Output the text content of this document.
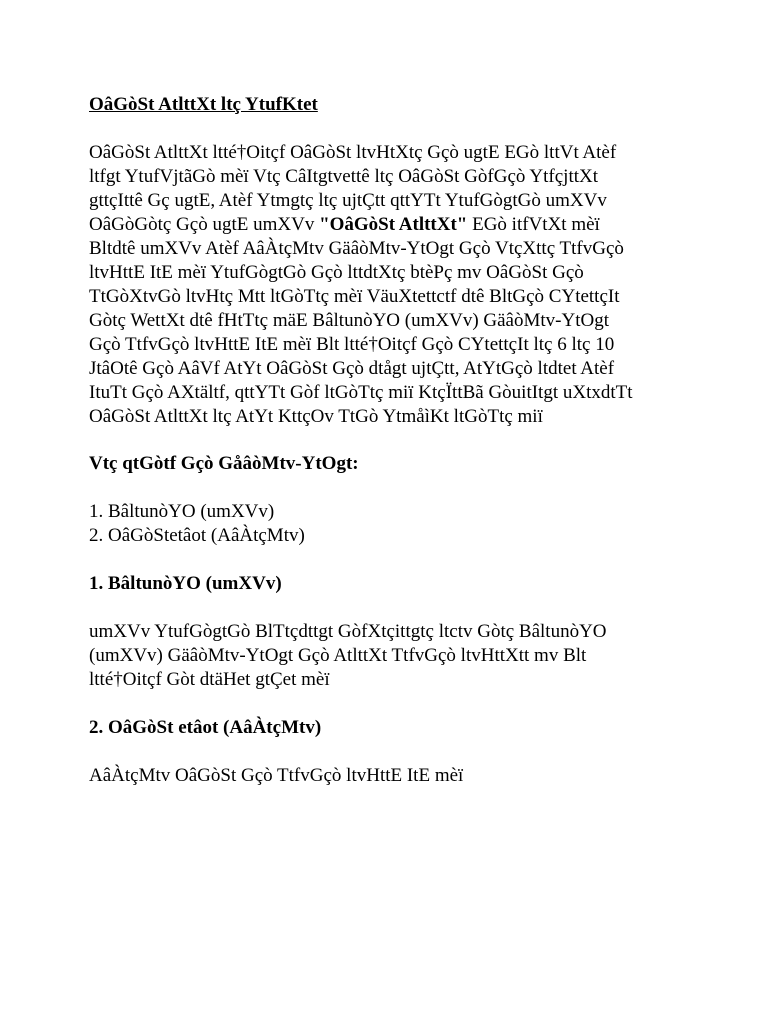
OâGòSt AtlttXt ltç YtufKtet
OâGòSt AtlttXt ltté†Oitçf OâGòSt ltvHtXtç Gçò ugtE EGò lttVt Atèf
ltfgt YtufVjtãGò mèï Vtç CâItgtvettê ltç OâGòSt GòfGçò YtfçjttXt
gttçIttê Gç ugtE, Atèf Ytmgtç ltç ujtÇtt qttYTt YtufGògtGò umXVv
OâGòGòtç Gçò ugtE umXVv "OâGòSt AtlttXt" EGò itfVtXt mèï
Bltdtê umXVv Atèf AâÀtçMtv GäâòMtv-YtOgt Gçò VtçXttç TtfvGçò
ltvHttE ItE mèï YtufGògtGò Gçò lttdtXtç btèPç mv OâGòSt Gçò
TtGòXtvGò ltvHtç Mtt ltGòTtç mèï VäuXtettctf dtê BltGçò CYtettçIt
Gòtç WettXt dtê fHtTtç mäE BâltunòYO (umXVv) GäâòMtv-YtOgt
Gçò TtfvGçò ltvHttE ItE mèï Blt ltté†Oitçf Gçò CYtettçIt ltç 6 ltç 10
JtâOtê Gçò AâVf AtYt OâGòSt Gçò dtågt ujtÇtt, AtYtGçò ltdtet Atèf
ItuTt Gçò AXtältf, qttYTt Gòf ltGòTtç miï KtçÏttBã GòuitItgt uXtxdtTt
OâGòSt AtlttXt ltç AtYt KttçOv TtGò YtmåìKt ltGòTtç miï
Vtç qtGòtf Gçò GåâòMtv-YtOgt:
1. BâltunòYO (umXVv)
2. OâGòStetâot (AâÀtçMtv)
1. BâltunòYO (umXVv)
umXVv YtufGògtGò BlTtçdttgt GòfXtçittgtç ltctv Gòtç BâltunòYO
(umXVv) GäâòMtv-YtOgt Gçò AtlttXt TtfvGçò ltvHttXtt mv Blt
ltté†Oitçf Gòt dtäHet gtÇet mèï
2. OâGòSt etâot (AâÀtçMtv)
AâÀtçMtv OâGòSt Gçò TtfvGçò ltvHttE ItE mèï
